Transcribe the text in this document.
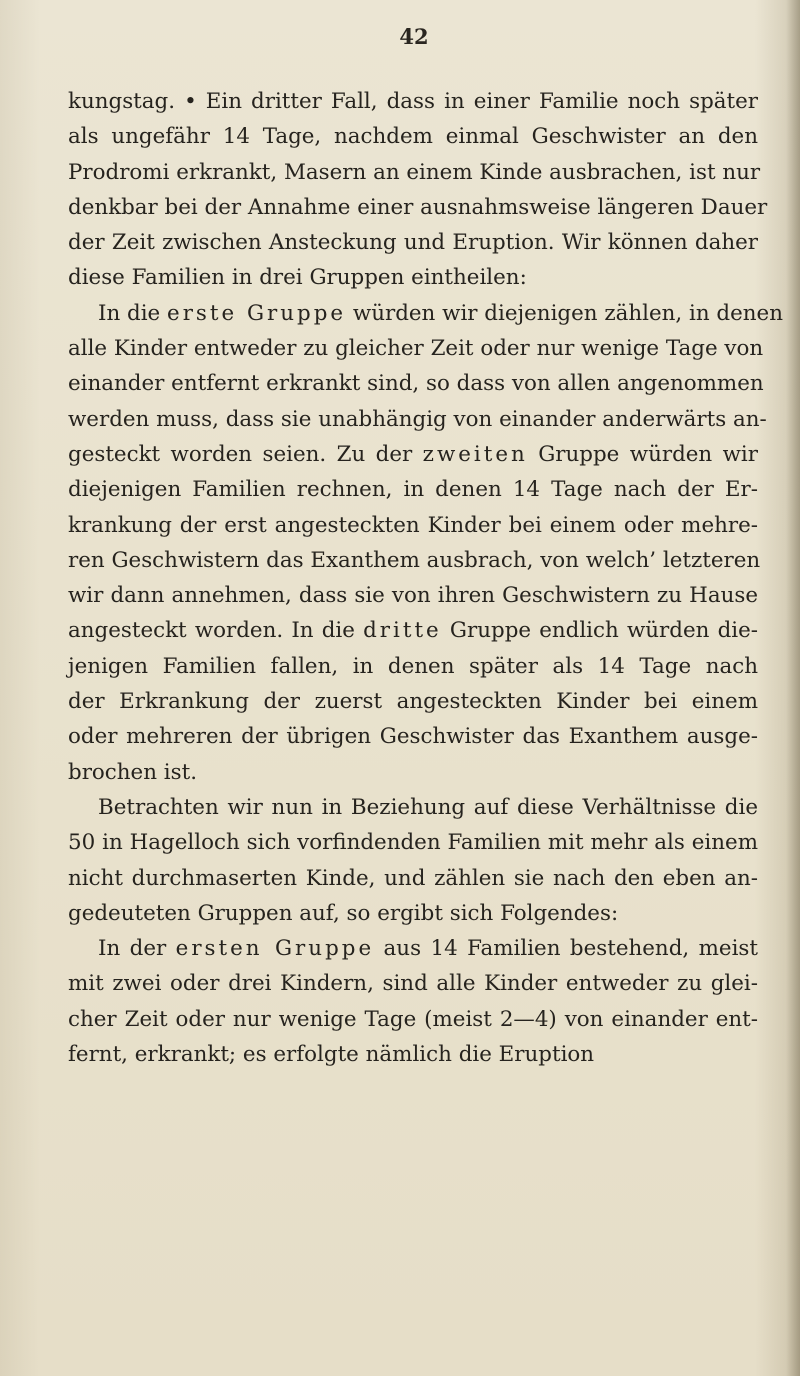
42
kungstag. • Ein dritter Fall, dass in einer Familie noch später
als ungefähr 14 Tage, nachdem einmal Geschwister an den
Prodromi erkrankt, Masern an einem Kinde ausbrachen, ist nur
denkbar bei der Annahme einer ausnahmsweise längeren Dauer
der Zeit zwischen Ansteckung und Eruption. Wir können daher
diese Familien in drei Gruppen eintheilen:
In die erste Gruppe würden wir diejenigen zählen, in denen
alle Kinder entweder zu gleicher Zeit oder nur wenige Tage von
einander entfernt erkrankt sind, so dass von allen angenommen
werden muss, dass sie unabhängig von einander anderwärts an-
gesteckt worden seien. Zu der zweiten Gruppe würden wir
diejenigen Familien rechnen, in denen 14 Tage nach der Er-
krankung der erst angesteckten Kinder bei einem oder mehre-
ren Geschwistern das Exanthem ausbrach, von welch’ letzteren
wir dann annehmen, dass sie von ihren Geschwistern zu Hause
angesteckt worden. In die dritte Gruppe endlich würden die-
jenigen Familien fallen, in denen später als 14 Tage nach
der Erkrankung der zuerst angesteckten Kinder bei einem
oder mehreren der übrigen Geschwister das Exanthem ausge-
brochen ist.
Betrachten wir nun in Beziehung auf diese Verhältnisse die
50 in Hagelloch sich vorfindenden Familien mit mehr als einem
nicht durchmaserten Kinde, und zählen sie nach den eben an-
gedeuteten Gruppen auf, so ergibt sich Folgendes:
In der ersten Gruppe aus 14 Familien bestehend, meist
mit zwei oder drei Kindern, sind alle Kinder entweder zu glei-
cher Zeit oder nur wenige Tage (meist 2—4) von einander ent-
fernt, erkrankt; es erfolgte nämlich die Eruption
